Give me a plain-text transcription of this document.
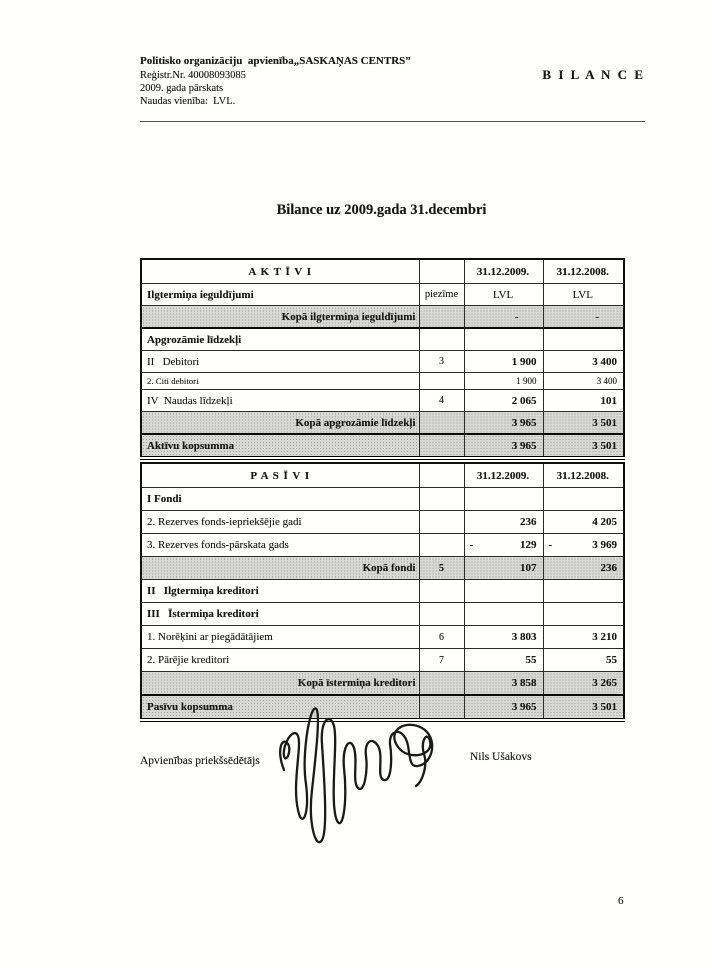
Politisko organizāciju  apvienība„SASKAŅAS CENTRS”
Reģistr.Nr. 40008093085
2009. gada pārskats
Naudas vienība:  LVL.
B I L A N C E
Bilance uz 2009.gada 31.decembri
A K T Ī V I		31.12.2009.	31.12.2008.
Ilgtermiņa ieguldījumi	piezīme	LVL	LVL
Kopā ilgtermiņa ieguldījumi		-	-
Apgrozāmie līdzekļi			
II   Debitori	3	1 900	3 400
2. Citi debitori		1 900	3 400
IV  Naudas līdzekļi	4	2 065	101
Kopā apgrozāmie līdzekļi		3 965	3 501
Aktīvu kopsumma		3 965	3 501
P A S Ī V I		31.12.2009.	31.12.2008.
I Fondi			
2. Rezerves fonds-iepriekšējie gadi		236	4 205
3. Rezerves fonds-pārskata gads		- 129	- 3 969

Kopā fondi	5	107	236
II   Ilgtermiņa kreditori			
III   Īstermiņa kreditori			
1. Norēķini ar piegādātājiem	6	3 803	3 210
2. Pārējie kreditori	7	55	55
Kopā īstermiņa kreditori		3 858	3 265
Pasīvu kopsumma		3 965	3 501
Apvienības priekšsēdētājs	Nils Ušakovs
6
